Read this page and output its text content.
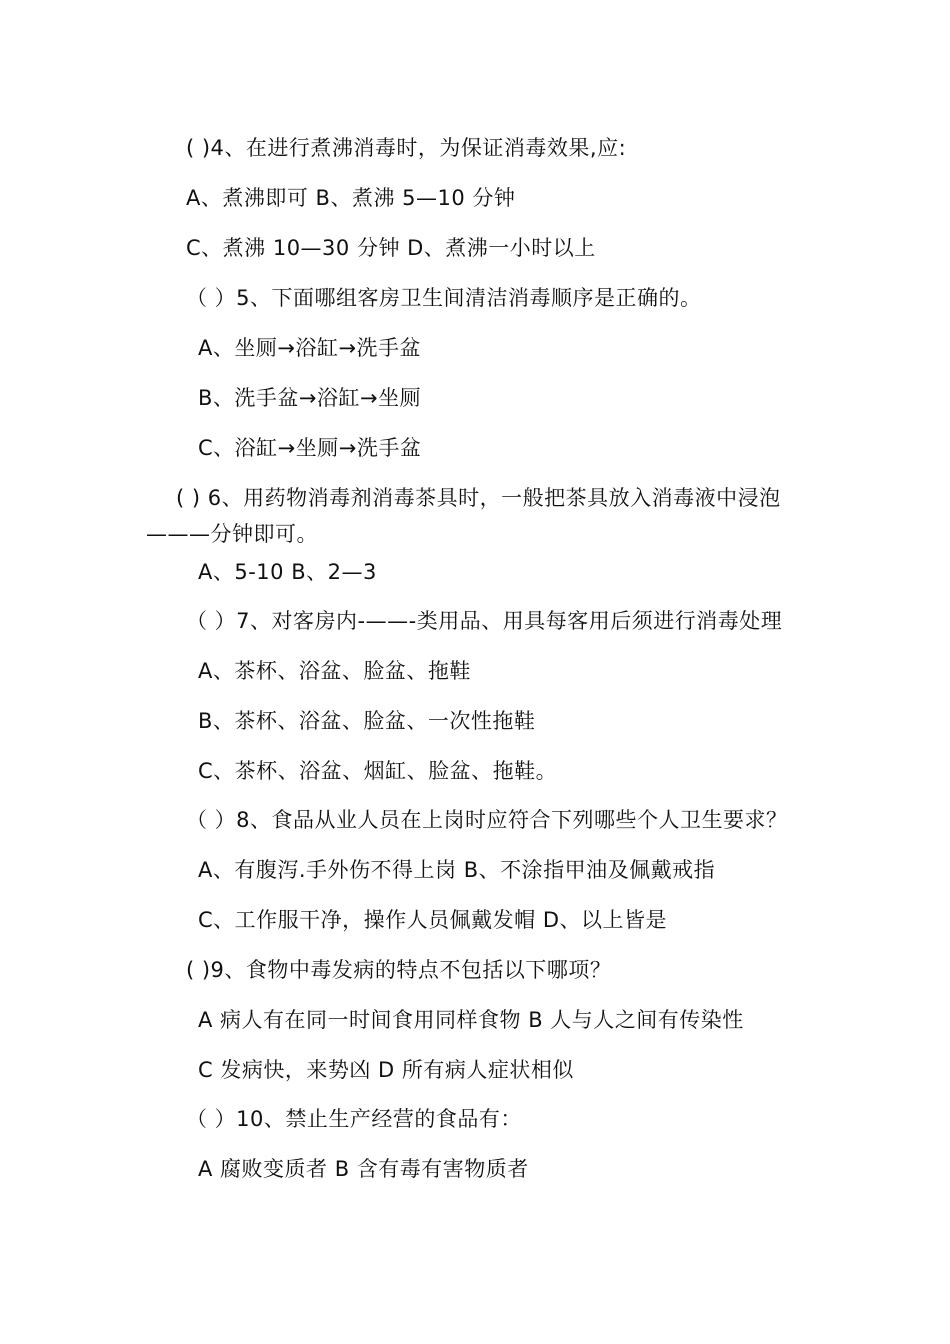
( )4、在进行煮沸消毒时，为保证消毒效果,应:
A、煮沸即可 B、煮沸 5—10 分钟
C、煮沸 10—30 分钟 D、煮沸一小时以上
（ ）5、下面哪组客房卫生间清洁消毒顺序是正确的。
A、坐厕→浴缸→洗手盆
B、洗手盆→浴缸→坐厕
C、浴缸→坐厕→洗手盆
( ) 6、用药物消毒剂消毒茶具时，一般把茶具放入消毒液中浸泡
———分钟即可。
A、5-10 B、2—3
（ ）7、对客房内-——-类用品、用具每客用后须进行消毒处理
A、茶杯、浴盆、脸盆、拖鞋
B、茶杯、浴盆、脸盆、一次性拖鞋
C、茶杯、浴盆、烟缸、脸盆、拖鞋。
（ ）8、食品从业人员在上岗时应符合下列哪些个人卫生要求？
A、有腹泻.手外伤不得上岗 B、不涂指甲油及佩戴戒指
C、工作服干净，操作人员佩戴发帽 D、以上皆是
( )9、食物中毒发病的特点不包括以下哪项？
A 病人有在同一时间食用同样食物 B 人与人之间有传染性
C 发病快，来势凶 D 所有病人症状相似
（ ）10、禁止生产经营的食品有：
A 腐败变质者 B 含有毒有害物质者
